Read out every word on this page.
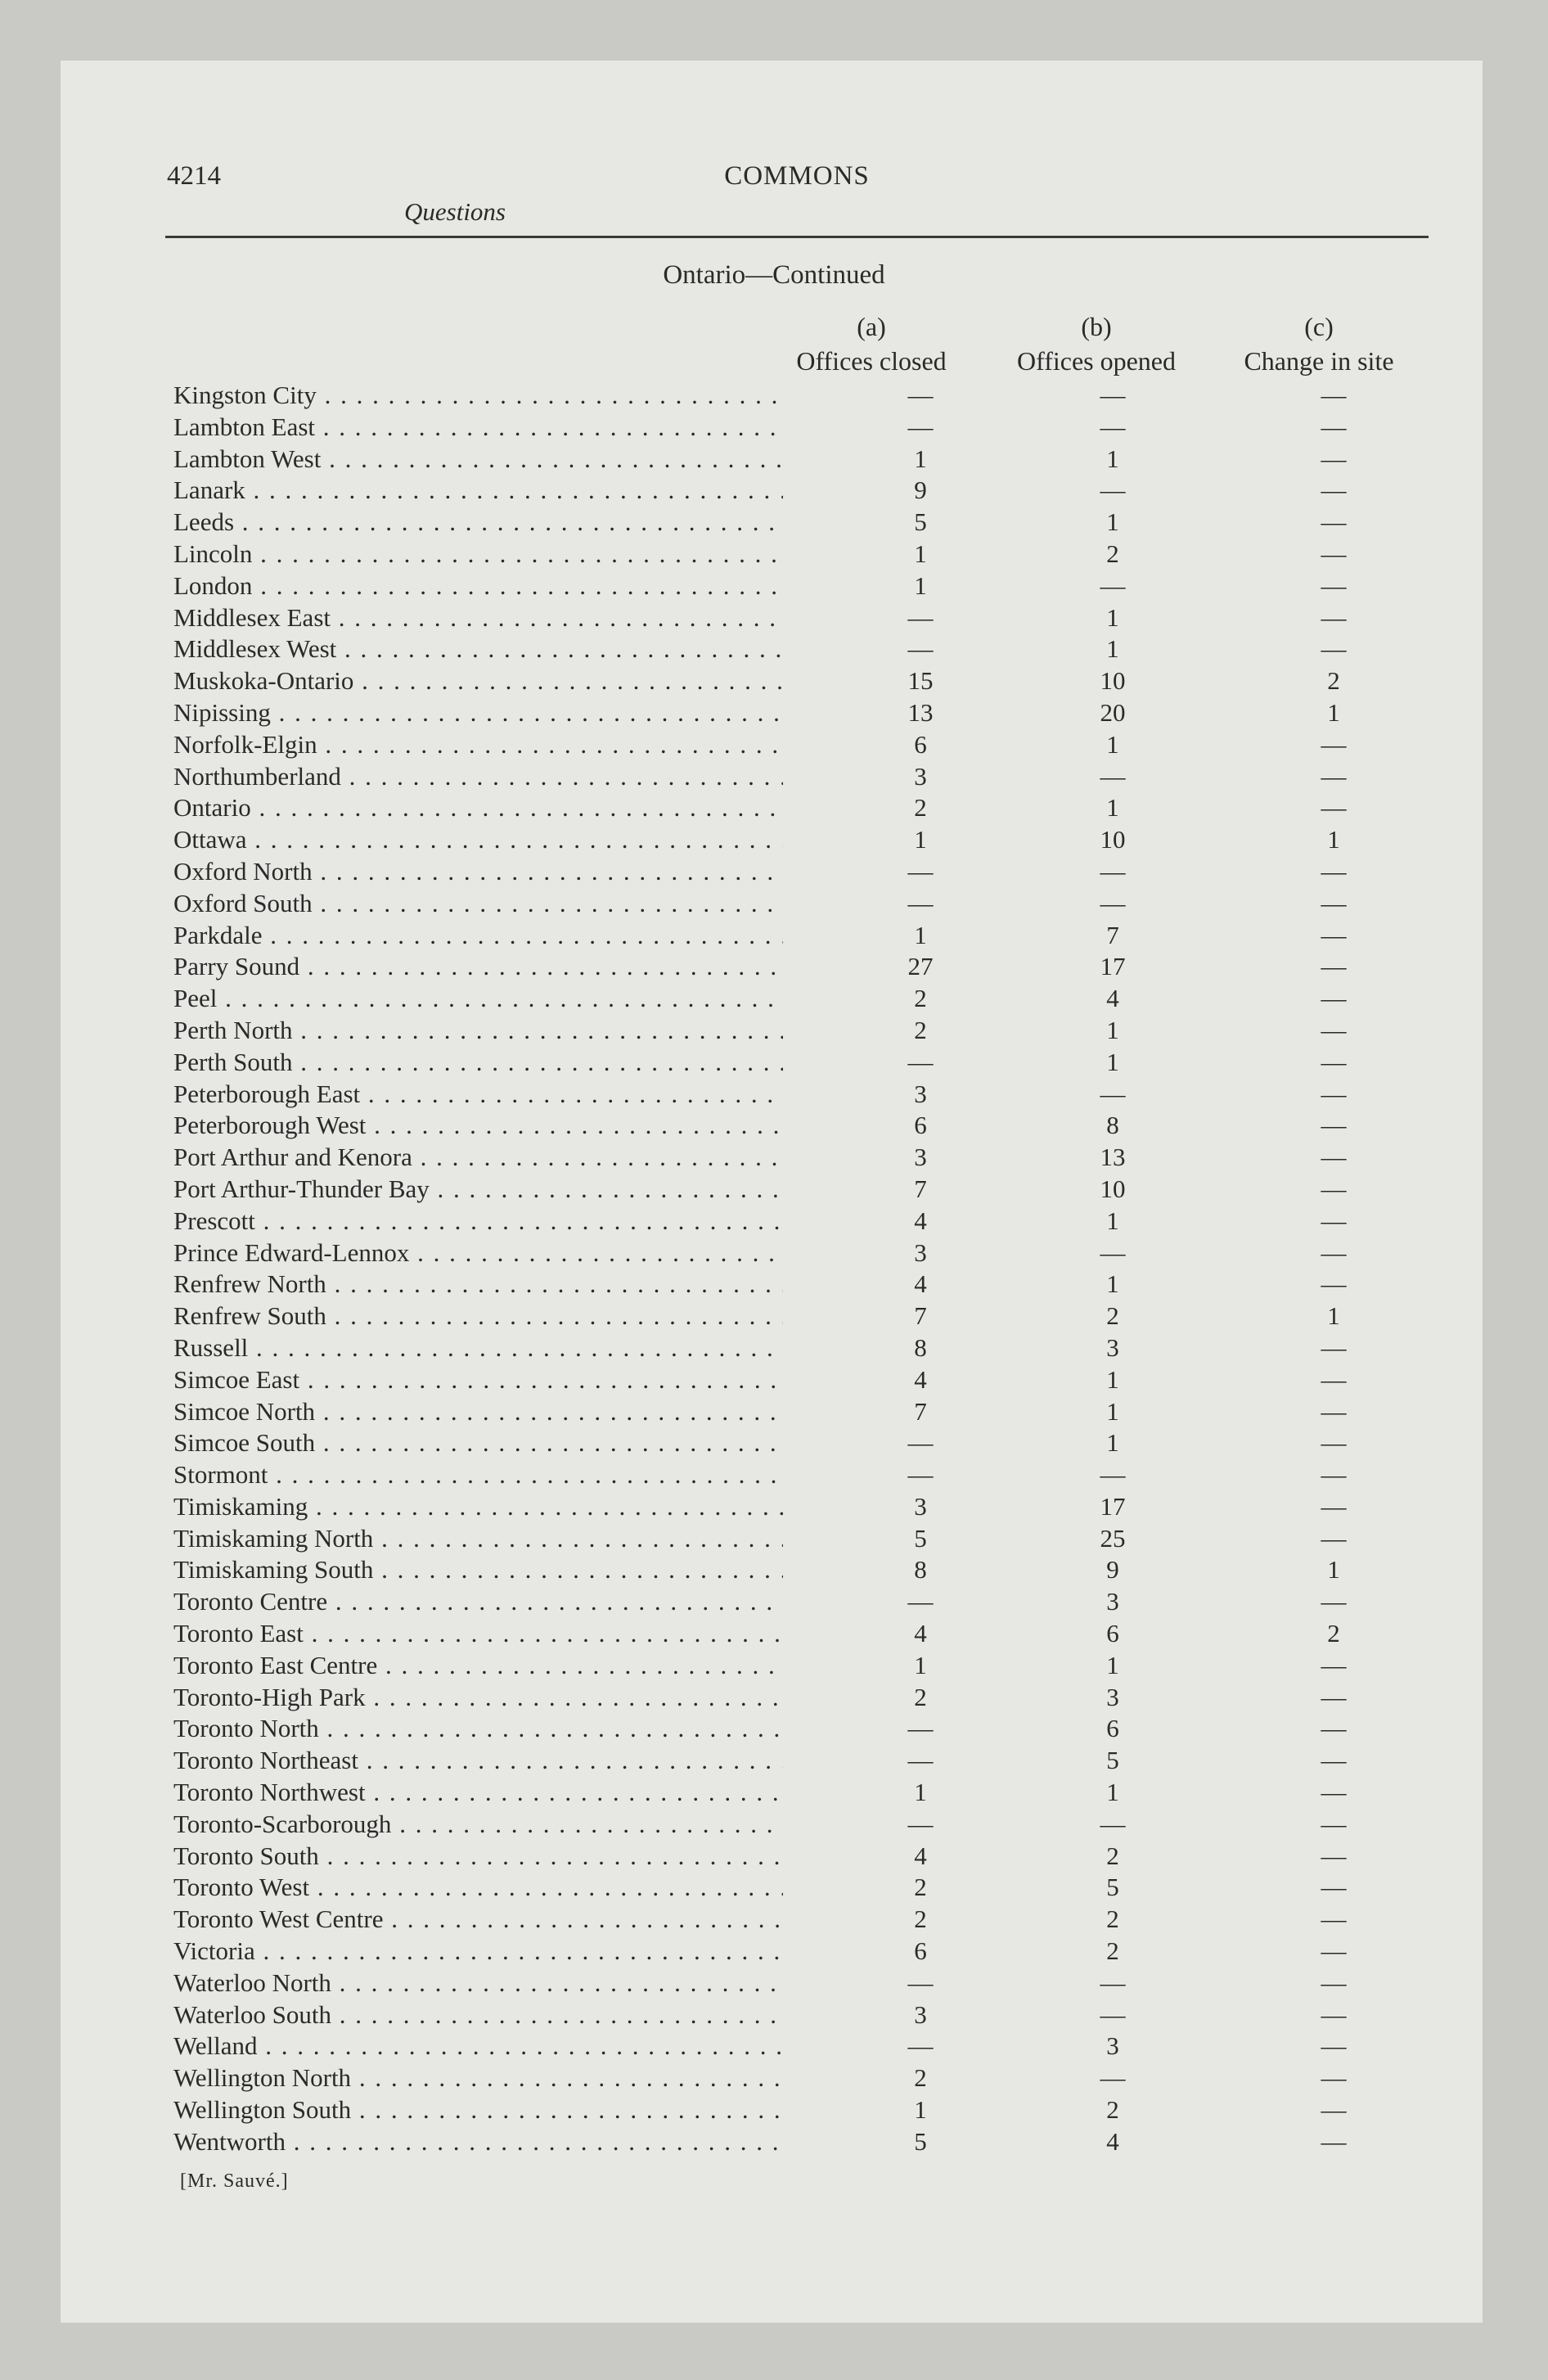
4214	COMMONS
Questions
Ontario—Continued
(a)
Offices closed
(b)
Offices opened
(c)
Change in site
Kingston City . . .	—	—	—
Lambton East . . .	—	—	—
Lambton West . . .	1	1	—
Lanark . . .	9	—	—
Leeds . . .	5	1	—
Lincoln . . .	1	2	—
London . . .	1	—	—
Middlesex East . . .	—	1	—
Middlesex West . . .	—	1	—
Muskoka-Ontario . . .	15	10	2
Nipissing . . .	13	20	1
Norfolk-Elgin . . .	6	1	—
Northumberland . . .	3	—	—
Ontario . . .	2	1	—
Ottawa . . .	1	10	1
Oxford North . . .	—	—	—
Oxford South . . .	—	—	—
Parkdale . . .	1	7	—
Parry Sound . . .	27	17	—
Peel . . .	2	4	—
Perth North . . .	2	1	—
Perth South . . .	—	1	—
Peterborough East . . .	3	—	—
Peterborough West . . .	6	8	—
Port Arthur and Kenora . . .	3	13	—
Port Arthur-Thunder Bay . . .	7	10	—
Prescott . . .	4	1	—
Prince Edward-Lennox . . .	3	—	—
Renfrew North . . .	4	1	—
Renfrew South . . .	7	2	1
Russell . . .	8	3	—
Simcoe East . . .	4	1	—
Simcoe North . . .	7	1	—
Simcoe South . . .	—	1	—
Stormont . . .	—	—	—
Timiskaming . . .	3	17	—
Timiskaming North . . .	5	25	—
Timiskaming South . . .	8	9	1
Toronto Centre . . .	—	3	—
Toronto East . . .	4	6	2
Toronto East Centre . . .	1	1	—
Toronto-High Park . . .	2	3	—
Toronto North . . .	—	6	—
Toronto Northeast . . .	—	5	—
Toronto Northwest . . .	1	1	—
Toronto-Scarborough . . .	—	—	—
Toronto South . . .	4	2	—
Toronto West . . .	2	5	—
Toronto West Centre . . .	2	2	—
Victoria . . .	6	2	—
Waterloo North . . .	—	—	—
Waterloo South . . .	3	—	—
Welland . . .	—	3	—
Wellington North . . .	2	—	—
Wellington South . . .	1	2	—
Wentworth . . .	5	4	—
[Mr. Sauvé.]
